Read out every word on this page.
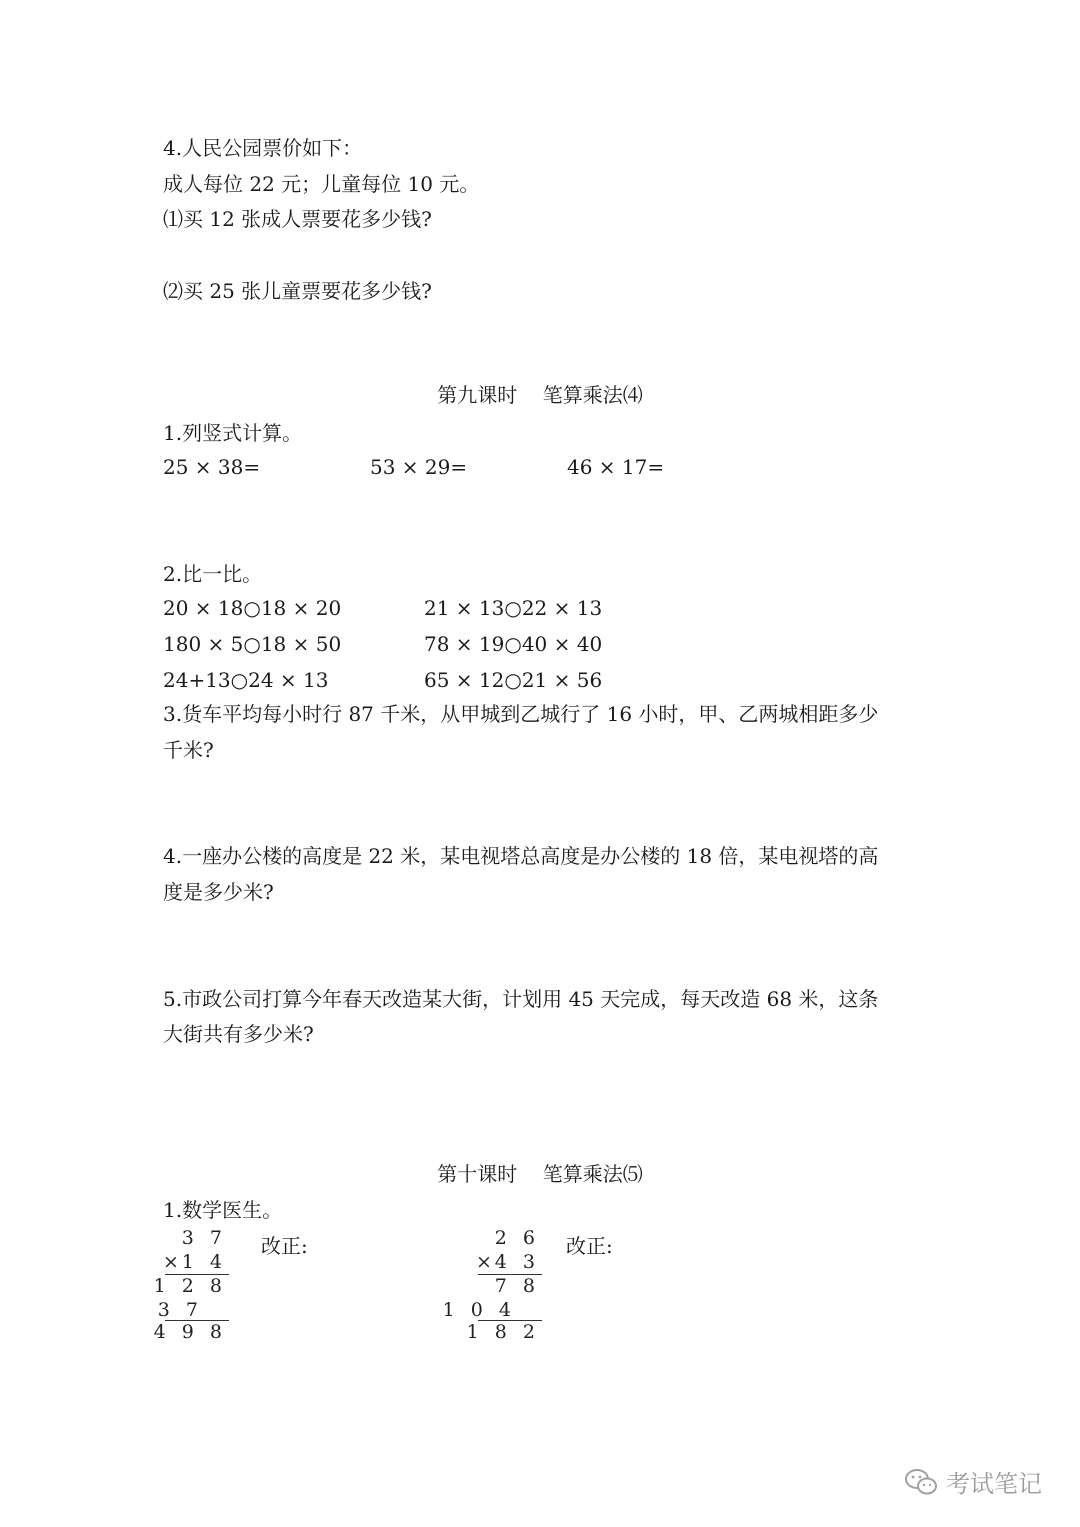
4.人民公园票价如下：
成人每位 22 元；儿童每位 10 元。
⑴买 12 张成人票要花多少钱?
⑵买 25 张儿童票要花多少钱?
第九课时    笔算乘法⑷
1.列竖式计算。
25 × 38=	53 × 29=	46 × 17=
2.比一比。
20 × 18○18 × 20	21 × 13○22 × 13
180 × 5○18 × 50	78 × 19○40 × 40
24+13○24 × 13	65 × 12○21 × 56
3.货车平均每小时行 87 千米，从甲城到乙城行了 16 小时，甲、乙两城相距多少
千米?
4.一座办公楼的高度是 22 米，某电视塔总高度是办公楼的 18 倍，某电视塔的高
度是多少米?
5.市政公司打算今年春天改造某大街，计划用 45 天完成，每天改造 68 米，这条
大街共有多少米?
第十课时    笔算乘法⑸
1.数学医生。
3 7
×
1 4
1 2 8
3 7
4 9 8
改正:	2 6
×
4 3
7 8
1 0 4
1 8 2
改正:
考试笔记
